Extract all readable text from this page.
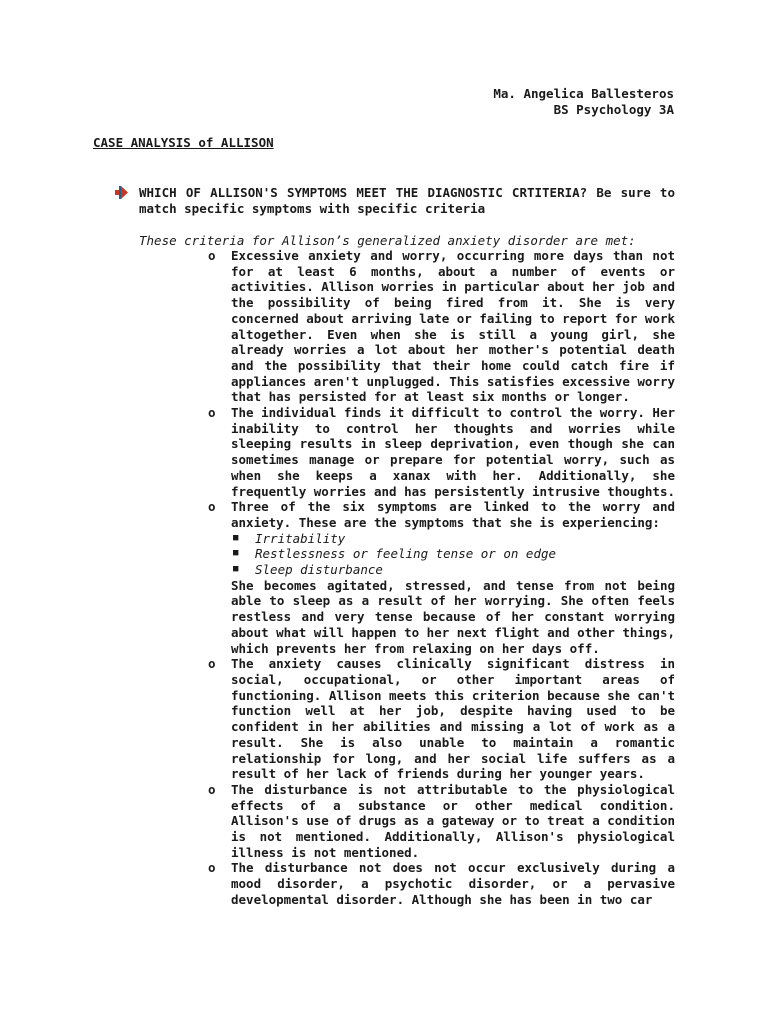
Ma. Angelica Ballesteros
BS Psychology 3A
CASE ANALYSIS of ALLISON
WHICH OF ALLISON'S SYMPTOMS MEET THE DIAGNOSTIC CRTITERIA? Be sure to match specific symptoms with specific criteria
These criteria for Allison’s generalized anxiety disorder are met:
o Excessive anxiety and worry, occurring more days than not for at least 6 months, about a number of events or activities. Allison worries in particular about her job and the possibility of being fired from it. She is very concerned about arriving late or failing to report for work altogether. Even when she is still a young girl, she already worries a lot about her mother's potential death and the possibility that their home could catch fire if appliances aren't unplugged. This satisfies excessive worry that has persisted for at least six months or longer.
o The individual finds it difficult to control the worry. Her inability to control her thoughts and worries while sleeping results in sleep deprivation, even though she can sometimes manage or prepare for potential worry, such as when she keeps a xanax with her. Additionally, she frequently worries and has persistently intrusive thoughts.
o Three of the six symptoms are linked to the worry and anxiety. These are the symptoms that she is experiencing:
■ Irritability
■ Restlessness or feeling tense or on edge
■ Sleep disturbance
She becomes agitated, stressed, and tense from not being able to sleep as a result of her worrying. She often feels restless and very tense because of her constant worrying about what will happen to her next flight and other things, which prevents her from relaxing on her days off.
o The anxiety causes clinically significant distress in social, occupational, or other important areas of functioning. Allison meets this criterion because she can't function well at her job, despite having used to be confident in her abilities and missing a lot of work as a result. She is also unable to maintain a romantic relationship for long, and her social life suffers as a result of her lack of friends during her younger years.
o The disturbance is not attributable to the physiological effects of a substance or other medical condition. Allison's use of drugs as a gateway or to treat a condition is not mentioned. Additionally, Allison's physiological illness is not mentioned.
o The disturbance not does not occur exclusively during a mood disorder, a psychotic disorder, or a pervasive developmental disorder. Although she has been in two car
